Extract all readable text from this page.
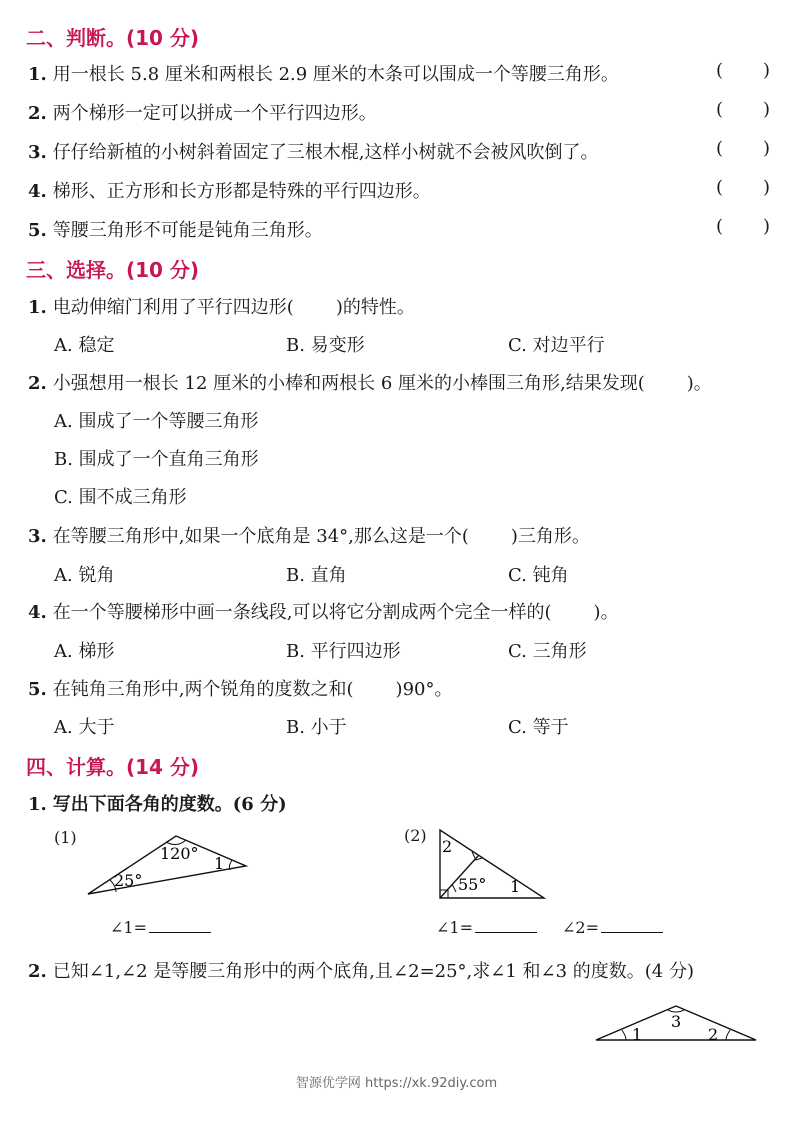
二、判断。(10 分)
1. 用一根长 5.8 厘米和两根长 2.9 厘米的木条可以围成一个等腰三角形。	( )
2. 两个梯形一定可以拼成一个平行四边形。	( )
3. 仔仔给新植的小树斜着固定了三根木棍,这样小树就不会被风吹倒了。	( )
4. 梯形、正方形和长方形都是特殊的平行四边形。	( )
5. 等腰三角形不可能是钝角三角形。	( )
三、选择。(10 分)
1. 电动伸缩门利用了平行四边形( )的特性。
A. 稳定	B. 易变形	C. 对边平行
2. 小强想用一根长 12 厘米的小棒和两根长 6 厘米的小棒围三角形,结果发现( )。
A. 围成了一个等腰三角形
B. 围成了一个直角三角形
C. 围不成三角形
3. 在等腰三角形中,如果一个底角是 34°,那么这是一个( )三角形。
A. 锐角	B. 直角	C. 钝角
4. 在一个等腰梯形中画一条线段,可以将它分割成两个完全一样的( )。
A. 梯形	B. 平行四边形	C. 三角形
5. 在钝角三角形中,两个锐角的度数之和( )90°。
A. 大于	B. 小于	C. 等于
四、计算。(14 分)
1. 写出下面各角的度数。(6 分)
(1)
120°
25°
1
∠1=
(2)
2
55° 1
∠1=	∠2=
2. 已知∠1,∠2 是等腰三角形中的两个底角,且∠2=25°,求∠1 和∠3 的度数。(4 分)
1	2
3
智源优学网 https://xk.92diy.com
